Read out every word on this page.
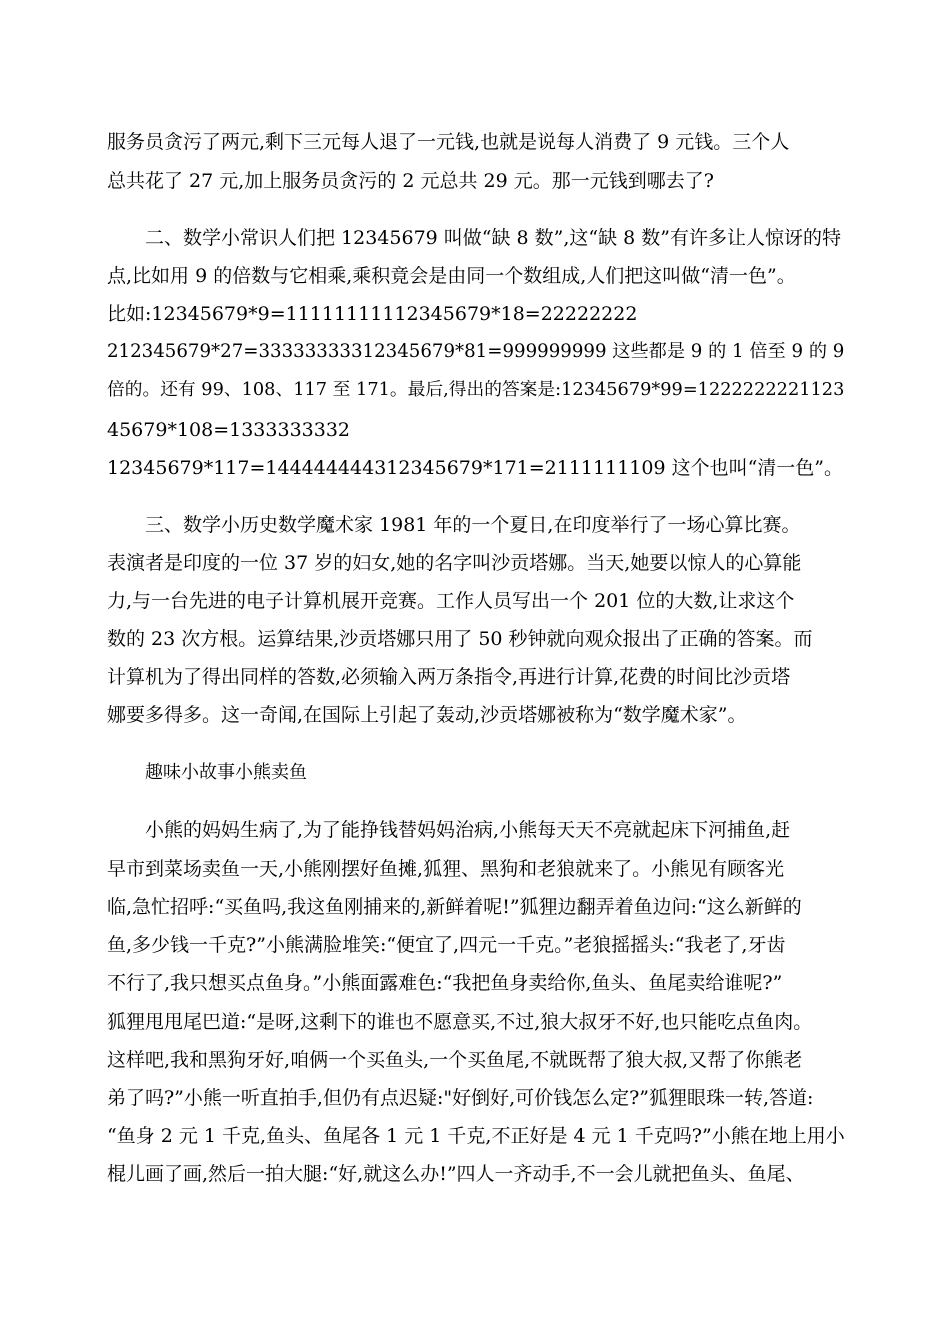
服务员贪污了两元,剩下三元每人退了一元钱,也就是说每人消费了 9 元钱。三个人
总共花了 27 元,加上服务员贪污的 2 元总共 29 元。那一元钱到哪去了?
二、数学小常识人们把 12345679 叫做“缺 8 数”,这“缺 8 数”有许多让人惊讶的特
点,比如用 9 的倍数与它相乘,乘积竟会是由同一个数组成,人们把这叫做“清一色”。
比如:12345679*9=11111111112345679*18=22222222
212345679*27=33333333312345679*81=999999999 这些都是 9 的 1 倍至 9 的 9
倍的。还有 99、108、117 至 171。最后,得出的答案是:12345679*99=1222222221123
45679*108=1333333332
12345679*117=144444444312345679*171=2111111109 这个也叫“清一色”。
三、数学小历史数学魔术家 1981 年的一个夏日,在印度举行了一场心算比赛。
表演者是印度的一位 37 岁的妇女,她的名字叫沙贡塔娜。当天,她要以惊人的心算能
力,与一台先进的电子计算机展开竞赛。工作人员写出一个 201 位的大数,让求这个
数的 23 次方根。运算结果,沙贡塔娜只用了 50 秒钟就向观众报出了正确的答案。而
计算机为了得出同样的答数,必须输入两万条指令,再进行计算,花费的时间比沙贡塔
娜要多得多。这一奇闻,在国际上引起了轰动,沙贡塔娜被称为“数学魔术家”。
趣味小故事小熊卖鱼
小熊的妈妈生病了,为了能挣钱替妈妈治病,小熊每天天不亮就起床下河捕鱼,赶
早市到菜场卖鱼一天,小熊刚摆好鱼摊,狐狸、黑狗和老狼就来了。小熊见有顾客光
临,急忙招呼:“买鱼吗,我这鱼刚捕来的,新鲜着呢!”狐狸边翻弄着鱼边问:“这么新鲜的
鱼,多少钱一千克?”小熊满脸堆笑:“便宜了,四元一千克。”老狼摇摇头:“我老了,牙齿
不行了,我只想买点鱼身。”小熊面露难色:“我把鱼身卖给你,鱼头、鱼尾卖给谁呢?”
狐狸甩甩尾巴道:“是呀,这剩下的谁也不愿意买,不过,狼大叔牙不好,也只能吃点鱼肉。
这样吧,我和黑狗牙好,咱俩一个买鱼头,一个买鱼尾,不就既帮了狼大叔,又帮了你熊老
弟了吗?”小熊一听直拍手,但仍有点迟疑:"好倒好,可价钱怎么定?”狐狸眼珠一转,答道:
“鱼身 2 元 1 千克,鱼头、鱼尾各 1 元 1 千克,不正好是 4 元 1 千克吗?”小熊在地上用小
棍儿画了画,然后一拍大腿:“好,就这么办!”四人一齐动手,不一会儿就把鱼头、鱼尾、
